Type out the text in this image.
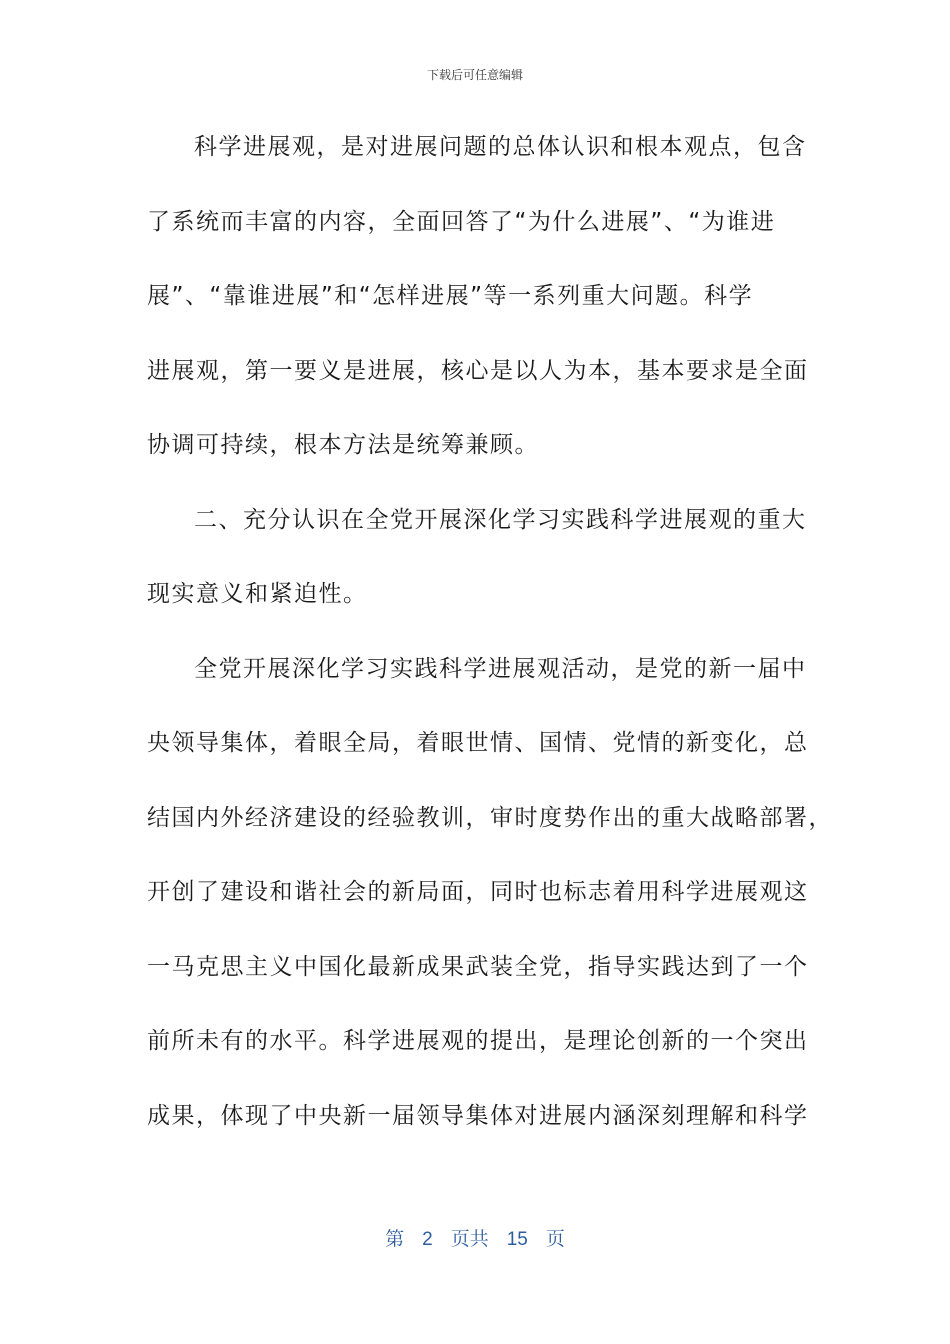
下载后可任意编辑
科学进展观，是对进展问题的总体认识和根本观点，包含
了系统而丰富的内容，全面回答了“为什么进展”、“为谁进
展”、“靠谁进展”和“怎样进展”等一系列重大问题。科学
进展观，第一要义是进展，核心是以人为本，基本要求是全面
协调可持续，根本方法是统筹兼顾。
二、充分认识在全党开展深化学习实践科学进展观的重大
现实意义和紧迫性。
全党开展深化学习实践科学进展观活动，是党的新一届中
央领导集体，着眼全局，着眼世情、国情、党情的新变化，总
结国内外经济建设的经验教训，审时度势作出的重大战略部署，
开创了建设和谐社会的新局面，同时也标志着用科学进展观这
一马克思主义中国化最新成果武装全党，指导实践达到了一个
前所未有的水平。科学进展观的提出，是理论创新的一个突出
成果，体现了中央新一届领导集体对进展内涵深刻理解和科学
第 2 页共 15 页
